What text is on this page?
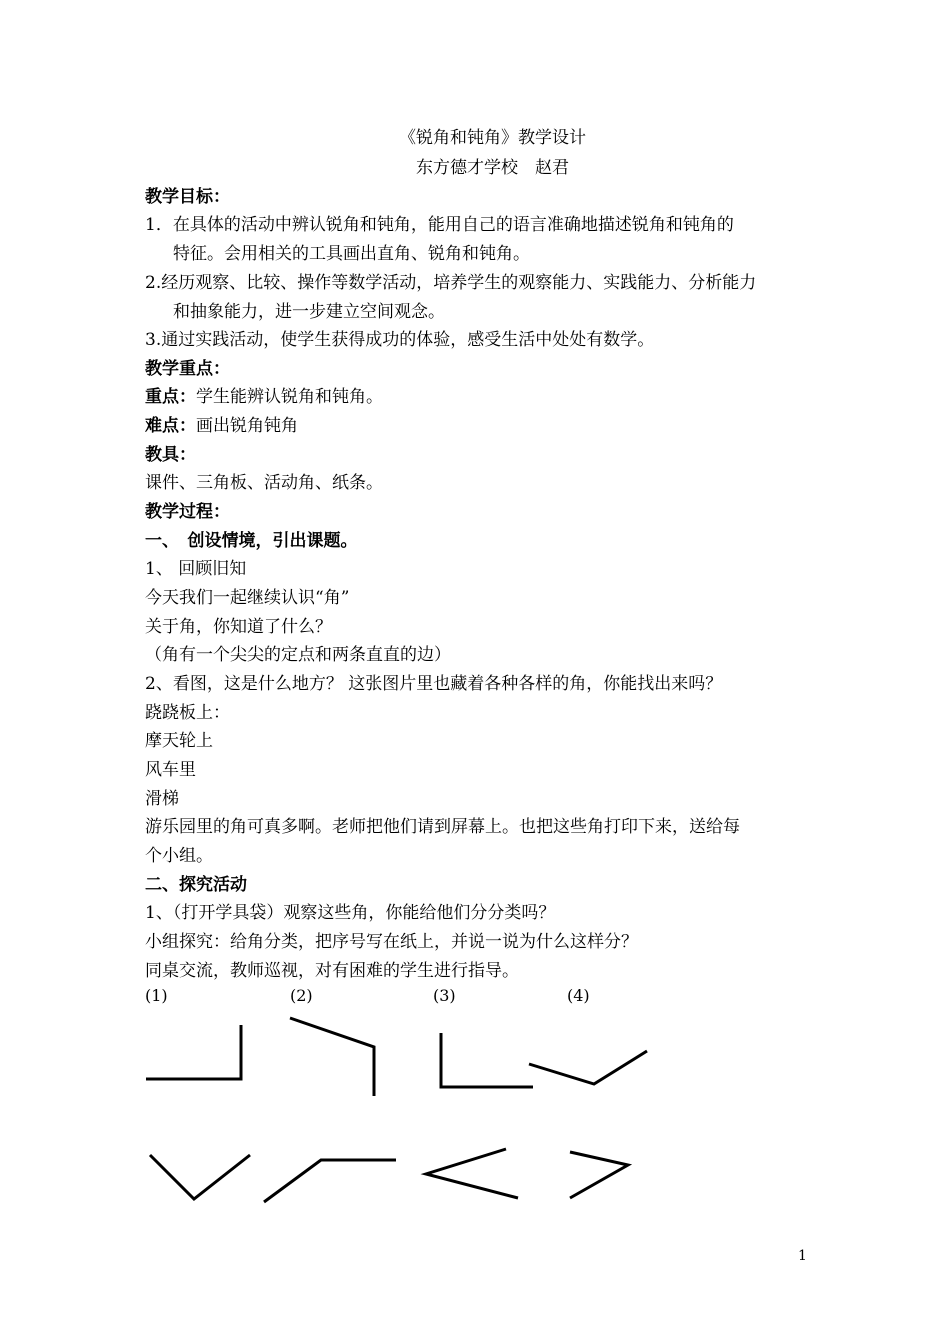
《锐角和钝角》教学设计
东方德才学校　赵君
教学目标：
1．在具体的活动中辨认锐角和钝角，能用自己的语言准确地描述锐角和钝角的
特征。会用相关的工具画出直角、锐角和钝角。
2.经历观察、比较、操作等数学活动，培养学生的观察能力、实践能力、分析能力
和抽象能力，进一步建立空间观念。
3.通过实践活动，使学生获得成功的体验，感受生活中处处有数学。
教学重点：
重点：学生能辨认锐角和钝角。
难点：画出锐角钝角
教具：
课件、三角板、活动角、纸条。
教学过程：
一、　创设情境，引出课题。
1、 回顾旧知
今天我们一起继续认识“角”
关于角，你知道了什么？
（角有一个尖尖的定点和两条直直的边）
2、看图，这是什么地方？ 这张图片里也藏着各种各样的角，你能找出来吗？
跷跷板上：
摩天轮上
风车里
滑梯
游乐园里的角可真多啊。老师把他们请到屏幕上。也把这些角打印下来，送给每
个小组。
二、探究活动
1、（打开学具袋）观察这些角，你能给他们分分类吗？
小组探究：给角分类，把序号写在纸上，并说一说为什么这样分？
同桌交流，教师巡视，对有困难的学生进行指导。
(1)	(2)	(3)	(4)
1
